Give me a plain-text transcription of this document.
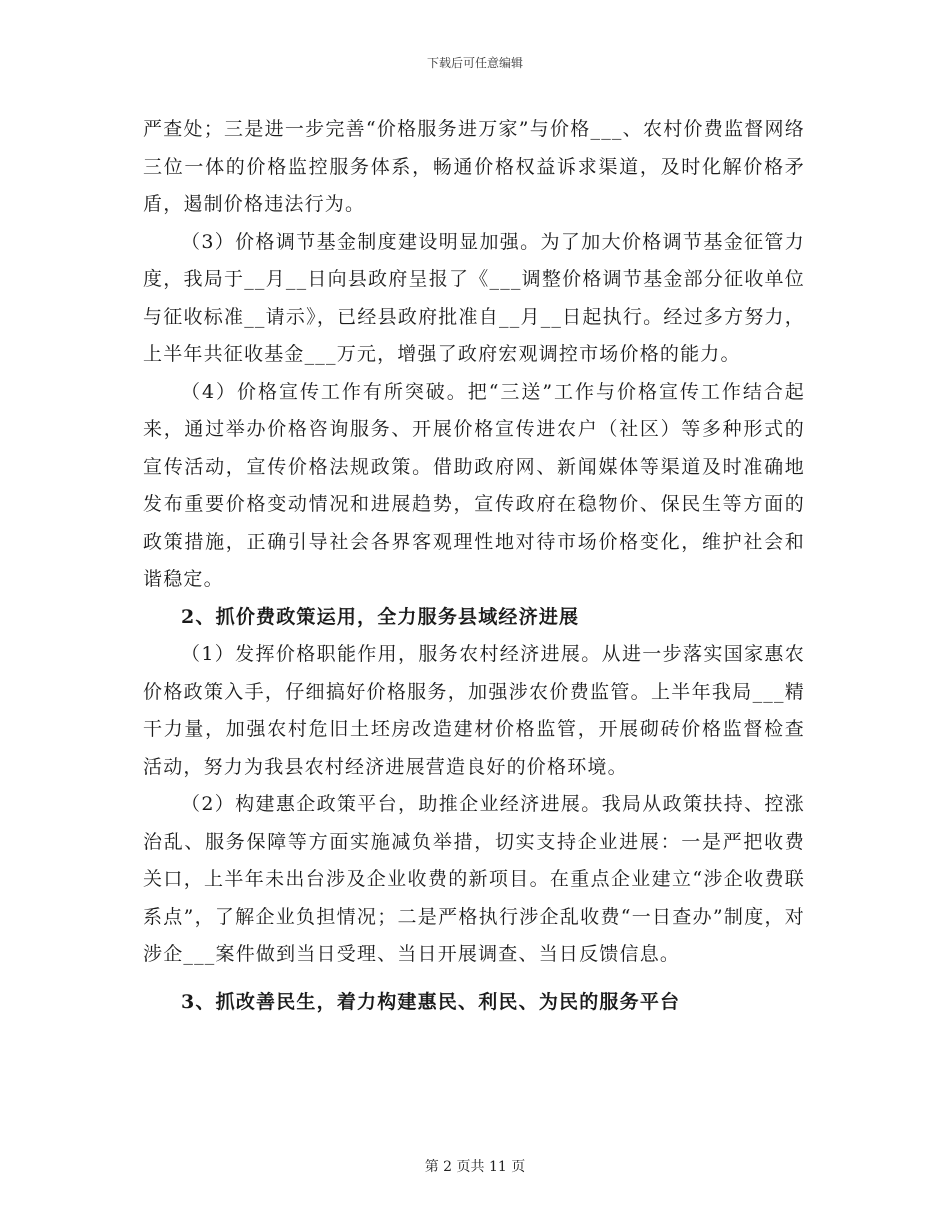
下载后可任意编辑

严查处；三是进一步完善“价格服务进万家”与价格___、农村价费监督网络三位一体的价格监控服务体系，畅通价格权益诉求渠道，及时化解价格矛盾，遏制价格违法行为。

（3）价格调节基金制度建设明显加强。为了加大价格调节基金征管力度，我局于__月__日向县政府呈报了《___调整价格调节基金部分征收单位与征收标准__请示》，已经县政府批准自__月__日起执行。经过多方努力，上半年共征收基金___万元，增强了政府宏观调控市场价格的能力。

（4）价格宣传工作有所突破。把“三送”工作与价格宣传工作结合起来，通过举办价格咨询服务、开展价格宣传进农户（社区）等多种形式的宣传活动，宣传价格法规政策。借助政府网、新闻媒体等渠道及时准确地发布重要价格变动情况和进展趋势，宣传政府在稳物价、保民生等方面的政策措施，正确引导社会各界客观理性地对待市场价格变化，维护社会和谐稳定。

2、抓价费政策运用，全力服务县域经济进展

（1）发挥价格职能作用，服务农村经济进展。从进一步落实国家惠农价格政策入手，仔细搞好价格服务，加强涉农价费监管。上半年我局___精干力量，加强农村危旧土坯房改造建材价格监管，开展砌砖价格监督检查活动，努力为我县农村经济进展营造良好的价格环境。

（2）构建惠企政策平台，助推企业经济进展。我局从政策扶持、控涨治乱、服务保障等方面实施减负举措，切实支持企业进展：一是严把收费关口，上半年未出台涉及企业收费的新项目。在重点企业建立“涉企收费联系点”，了解企业负担情况；二是严格执行涉企乱收费“一日查办”制度，对涉企___案件做到当日受理、当日开展调查、当日反馈信息。

3、抓改善民生，着力构建惠民、利民、为民的服务平台

第 2 页共 11 页
